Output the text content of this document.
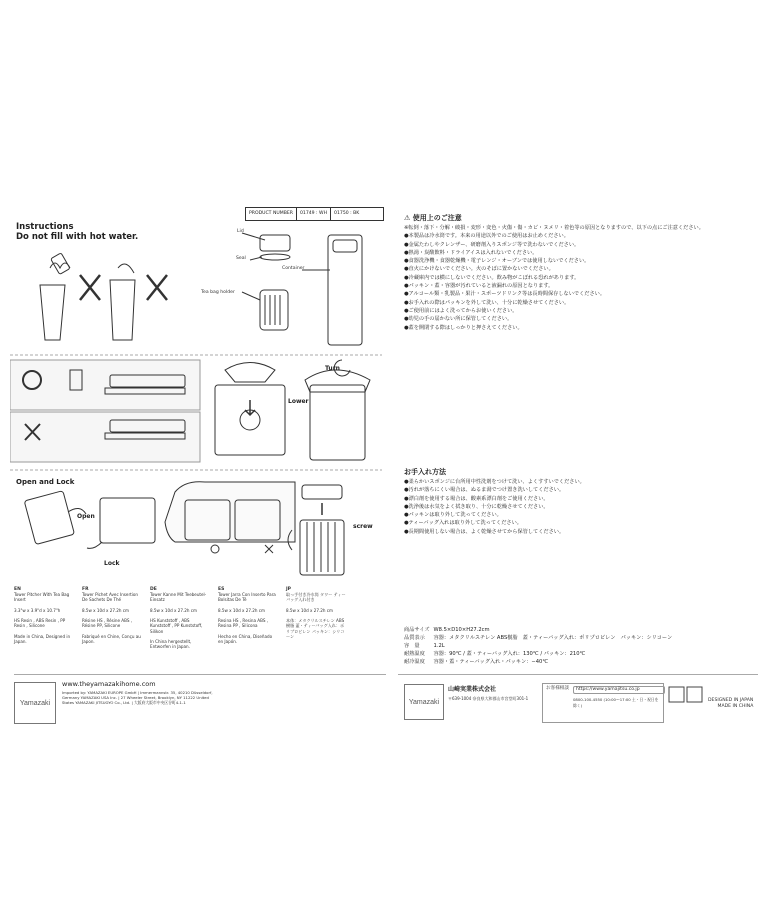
Instructions
Do not fill with hot water.
PRODUCT NUMBER	01749 : WH	01750 : BK
Lid
Seal
Container
Tea bag holder
Turn
Lower
Open and Lock
Open
Lock
screw
EN
Tower Pitcher With Tea Bag Insert

3.3"w x 3.9"d x 10.7"h

HS Resin , ABS Resin , PP Resin , Silicone

Made in China, Designed in Japan.
FR
Tower Pichet Avec Insertion De Sachets De Thé

8.5w x 10d x 27.2h cm

Résine HS , Résine ABS , Résine PP, Silicone

Fabriqué en Chine, Conçu au Japon.
DE
Tower Kanne Mit Teebeutel-Einsatz

8.5w x 10d x 27.2h cm

HS Kunststoff , ABS Kunststoff , PP Kunststoff, Silikon

In China hergestellt, Entworfen in Japan.
ES
Tower Jarra Con Inserto Para Bolsitas De Té

8.5w x 10d x 27.2h cm

Resina HS , Resina ABS , Resina PP , Silicona

Hecho en China, Diseñado en Japón.
JP
取っ手付き冷水筒 タワー ティーバッグ入れ付き

8.5w x 10d x 27.2h cm

本体：メタクリルスチレン ABS樹脂 蓋・ティーバッグ入れ：ポリプロピレン パッキン：シリコーン
Yamazaki
www.theyamazakihome.com
Imported by: YAMAZAKI EUROPE GmbH | Immermannstr. 35, 40210 Düsseldorf, Germany YAMAZAKI USA Inc. | 27 Wheeler Street, Brooklyn, NY 11222 United States YAMAZAKI JITSUGYO Co., Ltd. | 大阪府大阪市中央区谷町4-1-1
⚠ 使用上のご注意
※転倒・落下・分解・破損・変形・変色・火傷・傷・カビ・ヌメリ・着色等の原因となりますので、以下の点にご注意ください。
●本製品は冷水筒です。本来の用途以外でのご使用はお止めください。
●金属たわしやクレンザー、研磨剤入りスポンジ等で洗わないでください。
●熱湯・炭酸飲料・ドライアイスは入れないでください。
●食器洗浄機・食器乾燥機・電子レンジ・オーブンでは使用しないでください。
●直火にかけないでください。火のそばに置かないでください。
●冷蔵庫内では横にしないでください。飲み物がこぼれる恐れがあります。
●パッキン・蓋・容器が汚れていると液漏れの原因となります。
●アルコール類・乳製品・果汁・スポーツドリンク等は長時間保存しないでください。
●お手入れの際はパッキンを外して洗い、十分に乾燥させてください。
●ご使用前にはよく洗ってからお使いください。
●幼児の手の届かない所に保管してください。
●蓋を開閉する際はしっかりと押さえてください。
お手入れ方法
●柔らかいスポンジに台所用中性洗剤をつけて洗い、よくすすいでください。
●汚れが落ちにくい場合は、ぬるま湯でつけ置き洗いしてください。
●漂白剤を使用する場合は、酸素系漂白剤をご使用ください。
●洗浄後は水気をよく拭き取り、十分に乾燥させてください。
●パッキンは取り外して洗ってください。
●ティーバッグ入れは取り外して洗ってください。
●長期間使用しない場合は、よく乾燥させてから保管してください。
商品サイズ	W8.5×D10×H27.2cm
品質表示	容器：メタクリルスチレン ABS樹脂　蓋・ティーバッグ入れ：ポリプロピレン　パッキン：シリコーン
容　量	1.2L
耐熱温度	容器：90℃ / 蓋・ティーバッグ入れ：130℃ / パッキン：210℃
耐冷温度	容器・蓋・ティーバッグ入れ・パッキン：−40℃
Yamazaki
山崎実業株式会社
〒639-1004 奈良県大和郡山市宮堂町301-1
お客様相談	https://www.yamajitsu.co.jp
0800-100-4550 (10:00〜17:00 土・日・祝日を除く)
DESIGNED IN JAPAN
MADE IN CHINA
